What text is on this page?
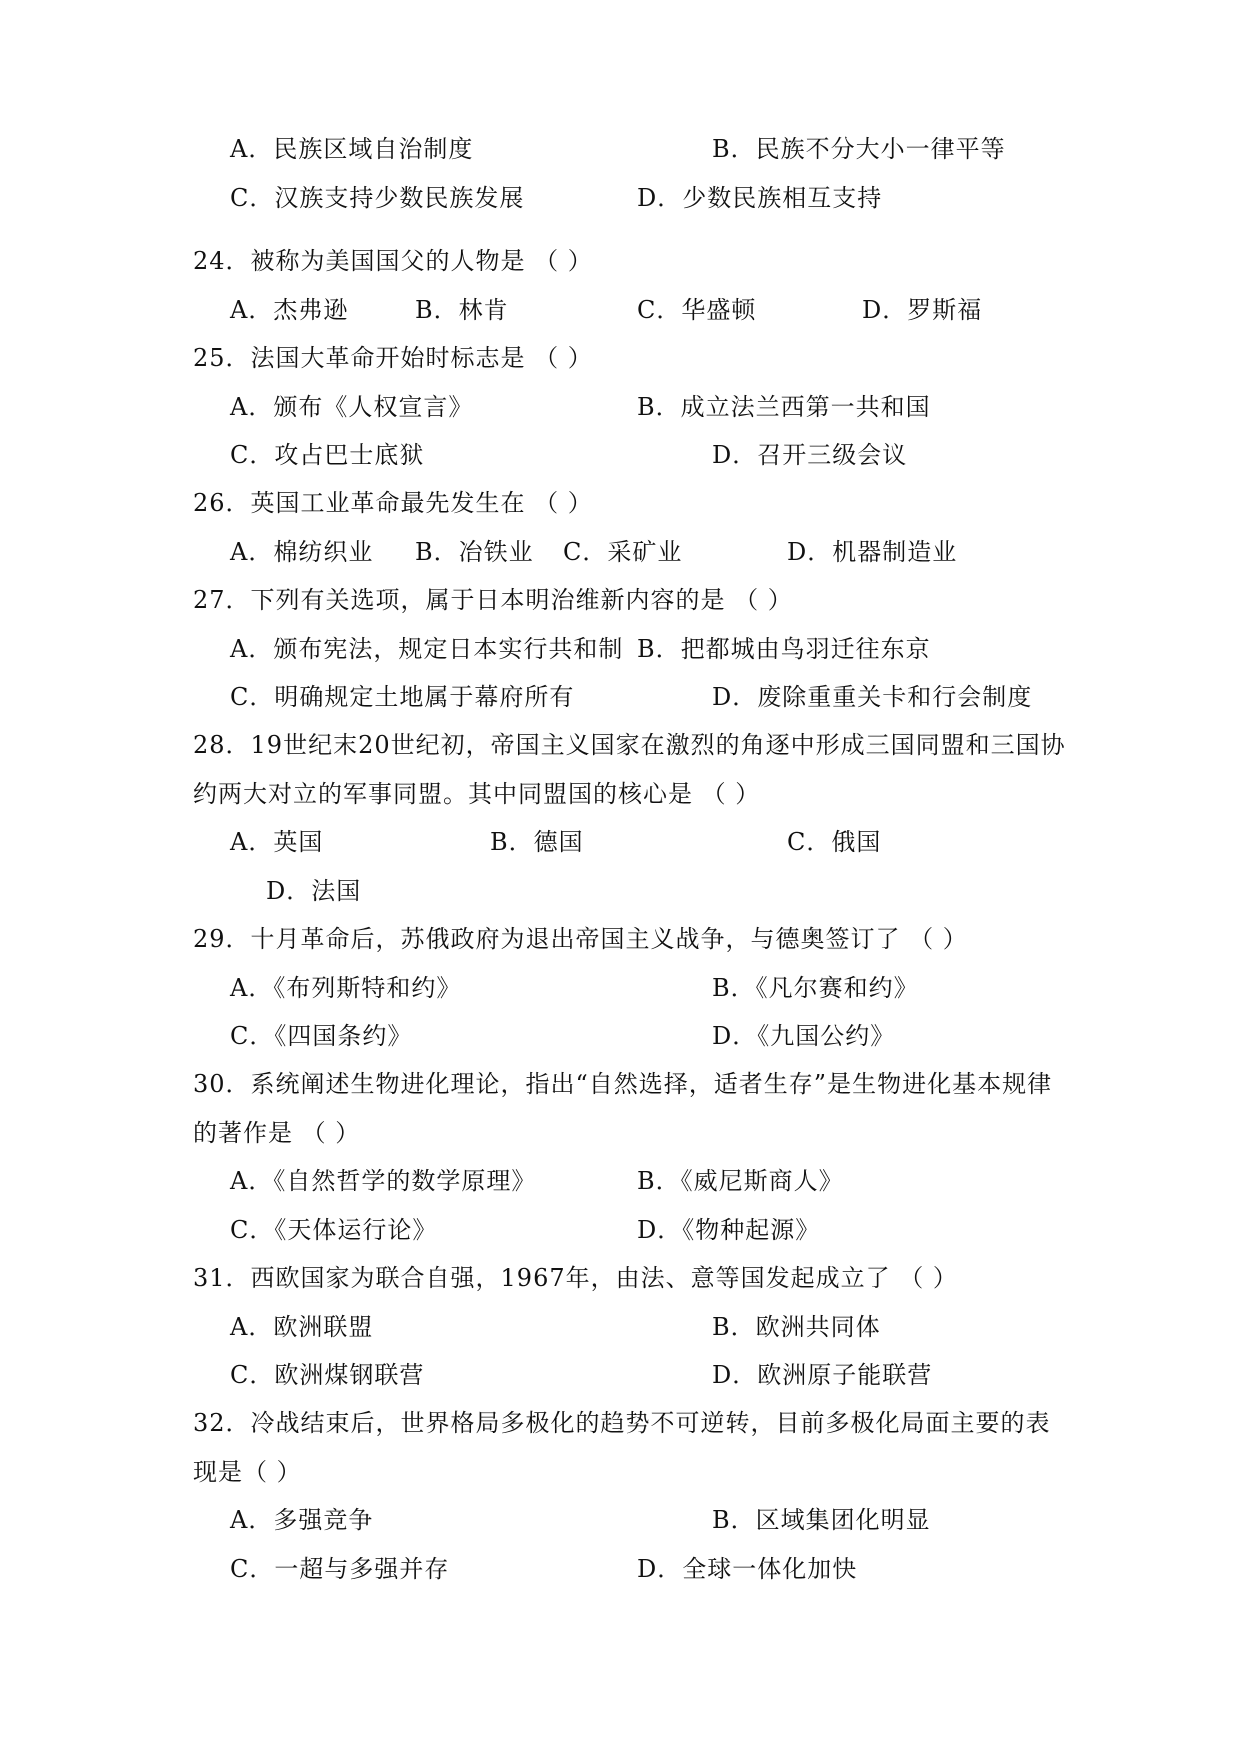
A．民族区域自治制度	B．民族不分大小一律平等
C．汉族支持少数民族发展	D．少数民族相互支持
24．被称为美国国父的人物是 （ ）
A．杰弗逊	B．林肯	C．华盛顿	D．罗斯福
25．法国大革命开始时标志是 （ ）
A．颁布《人权宣言》	B．成立法兰西第一共和国
C．攻占巴士底狱	D．召开三级会议
26．英国工业革命最先发生在 （ ）
A．棉纺织业 B．冶铁业 C．采矿业	D．机器制造业
27．下列有关选项，属于日本明治维新内容的是 （ ）
A．颁布宪法，规定日本实行共和制 B．把都城由鸟羽迁往东京
C．明确规定土地属于幕府所有	D．废除重重关卡和行会制度
28．19世纪末20世纪初，帝国主义国家在激烈的角逐中形成三国同盟和三国协
约两大对立的军事同盟。其中同盟国的核心是 （ ）
A．英国	B．德国	C．俄国
D．法国
29．十月革命后，苏俄政府为退出帝国主义战争，与德奥签订了 （ ）
A．《布列斯特和约》	B．《凡尔赛和约》
C．《四国条约》	D．《九国公约》
30．系统阐述生物进化理论，指出“自然选择，适者生存”是生物进化基本规律
的著作是 （ ）
A．《自然哲学的数学原理》	B．《威尼斯商人》
C．《天体运行论》	D．《物种起源》
31．西欧国家为联合自强，1967年，由法、意等国发起成立了 （ ）
A．欧洲联盟	B．欧洲共同体
C．欧洲煤钢联营	D．欧洲原子能联营
32．冷战结束后，世界格局多极化的趋势不可逆转，目前多极化局面主要的表
现是（ ）
A．多强竞争	B．区域集团化明显
C．一超与多强并存	D．全球一体化加快
